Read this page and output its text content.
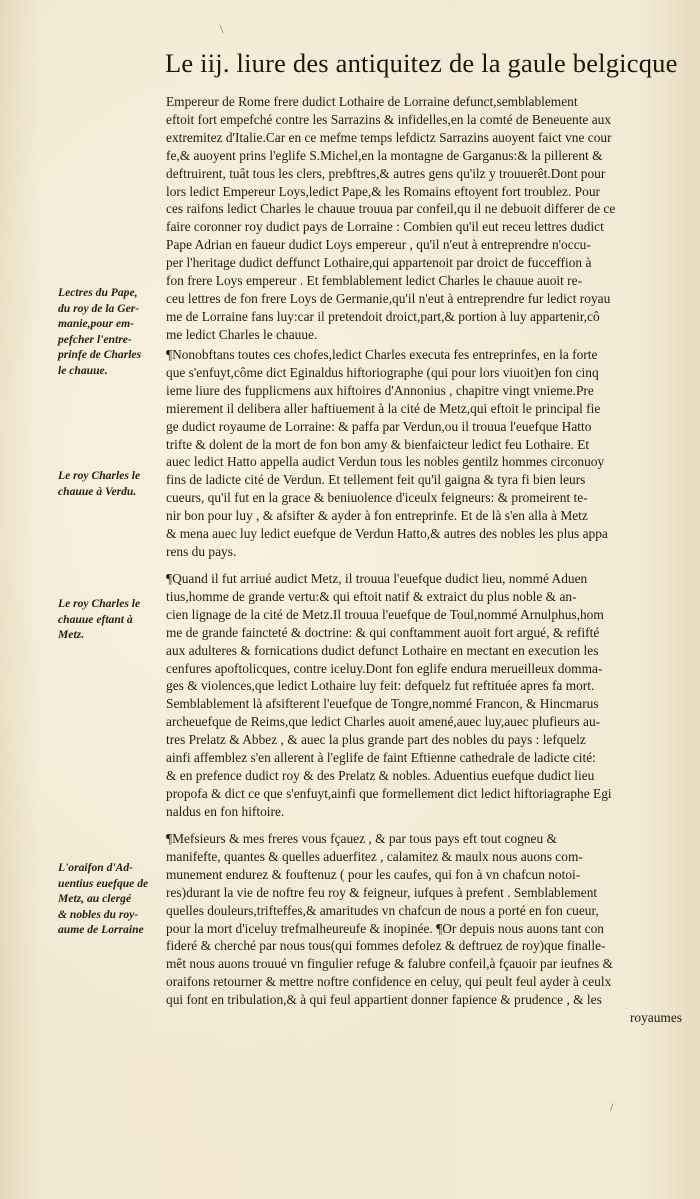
\
Le iij. liure des antiquitez de la gaule belgicque
Empereur de Rome frere dudict Lothaire de Lorraine defunct,semblablement
eftoit fort empefché contre les Sarrazins & infidelles,en la comté de Beneuente aux
extremitez d'Italie.Car en ce mefme temps lefdictz Sarrazins auoyent faict vne cour
fe,& auoyent prins l'eglife S.Michel,en la montagne de Garganus:& la pillerent &
deftruirent, tuât tous les clers, prebftres,& autres gens qu'ilz y trouuerêt.Dont pour
lors ledict Empereur Loys,ledict Pape,& les Romains eftoyent fort troublez. Pour
ces raifons ledict Charles le chauue trouua par confeil,qu il ne debuoit differer de ce
faire coronner roy dudict pays de Lorraine : Combien qu'il eut receu lettres dudict
Pape Adrian en faueur dudict Loys empereur , qu'il n'eut à entreprendre n'occu-
per l'heritage dudict deffunct Lothaire,qui appartenoit par droict de fucceffion à
fon frere Loys empereur . Et femblablement ledict Charles le chauue auoit re-
ceu lettres de fon frere Loys de Germanie,qu'il n'eut à entreprendre fur ledict royau
me de Lorraine fans luy:car il pretendoit droict,part,& portion à luy appartenir,cô
me ledict Charles le chauue.
¶Nonobftans toutes ces chofes,ledict Charles executa fes entreprinfes, en la forte
que s'enfuyt,côme dict Eginaldus hiftoriographe (qui pour lors viuoit)en fon cinq
ieme liure des fupplicmens aux hiftoires d'Annonius , chapitre vingt vnieme.Pre
mierement il delibera aller haftiuement à la cité de Metz,qui eftoit le principal fie
ge dudict royaume de Lorraine: & paffa par Verdun,ou il trouua l'euefque Hatto
trifte & dolent de la mort de fon bon amy & bienfaicteur ledict feu Lothaire. Et
auec ledict Hatto appella audict Verdun tous les nobles gentilz hommes circonuoy
fins de ladicte cité de Verdun. Et tellement feit qu'il gaigna & tyra fi bien leurs
cueurs, qu'il fut en la grace & beniuolence d'iceulx feigneurs: & promeirent te-
nir bon pour luy , & afsifter & ayder à fon entreprinfe. Et de là s'en alla à Metz
& mena auec luy ledict euefque de Verdun Hatto,& autres des nobles les plus appa
rens du pays.
¶Quand il fut arriué audict Metz, il trouua l'euefque dudict lieu, nommé Aduen
tius,homme de grande vertu:& qui eftoit natif & extraict du plus noble & an-
cien lignage de la cité de Metz.Il trouua l'euefque de Toul,nommé Arnulphus,hom
me de grande faincteté & doctrine: & qui conftamment auoit fort argué, & refifté
aux adulteres & fornications dudict defunct Lothaire en mectant en execution les
cenfures apoftolicques, contre iceluy.Dont fon eglife endura merueilleux domma-
ges & violences,que ledict Lothaire luy feit: defquelz fut reftituée apres fa mort.
Semblablement là afsifterent l'euefque de Tongre,nommé Francon, & Hincmarus
archeuefque de Reims,que ledict Charles auoit amené,auec luy,auec plufieurs au-
tres Prelatz & Abbez , & auec la plus grande part des nobles du pays : lefquelz
ainfi affemblez s'en allerent à l'eglife de faint Eftienne cathedrale de ladicte cité:
& en prefence dudict roy & des Prelatz & nobles. Aduentius euefque dudict lieu
propofa & dict ce que s'enfuyt,ainfi que formellement dict ledict hiftoriagraphe Egi
naldus en fon hiftoire.
¶Mefsieurs & mes freres vous fçauez , & par tous pays eft tout cogneu &
manifefte, quantes & quelles aduerfitez , calamitez & maulx nous auons com-
munement endurez & fouftenuz ( pour les caufes, qui fon à vn chafcun notoi-
res)durant la vie de noftre feu roy & feigneur, iufques à prefent . Semblablement
quelles douleurs,trifteffes,& amaritudes vn chafcun de nous a porté en fon cueur,
pour la mort d'iceluy trefmalheureufe & inopinée. ¶Or depuis nous auons tant con
fideré & cherché par nous tous(qui fommes defolez & deftruez de roy)que finalle-
mêt nous auons trouué vn fingulier refuge & falubre confeil,à fçauoir par ieufnes &
oraifons retourner & mettre noftre confidence en celuy, qui peult feul ayder à ceulx
qui font en tribulation,& à qui feul appartient donner fapience & prudence , & les
royaumes
Lectres du Pape,
du roy de la Ger-
manie,pour em-
pefcher l'entre-
prinfe de Charles
le chauue.
Le roy Charles le
chauue à Verdu.
Le roy Charles le
chauue eftant à
Metz.
L'oraifon d'Ad-
uentius euefque de
Metz, au clergé
& nobles du roy-
aume de Lorraine
/
